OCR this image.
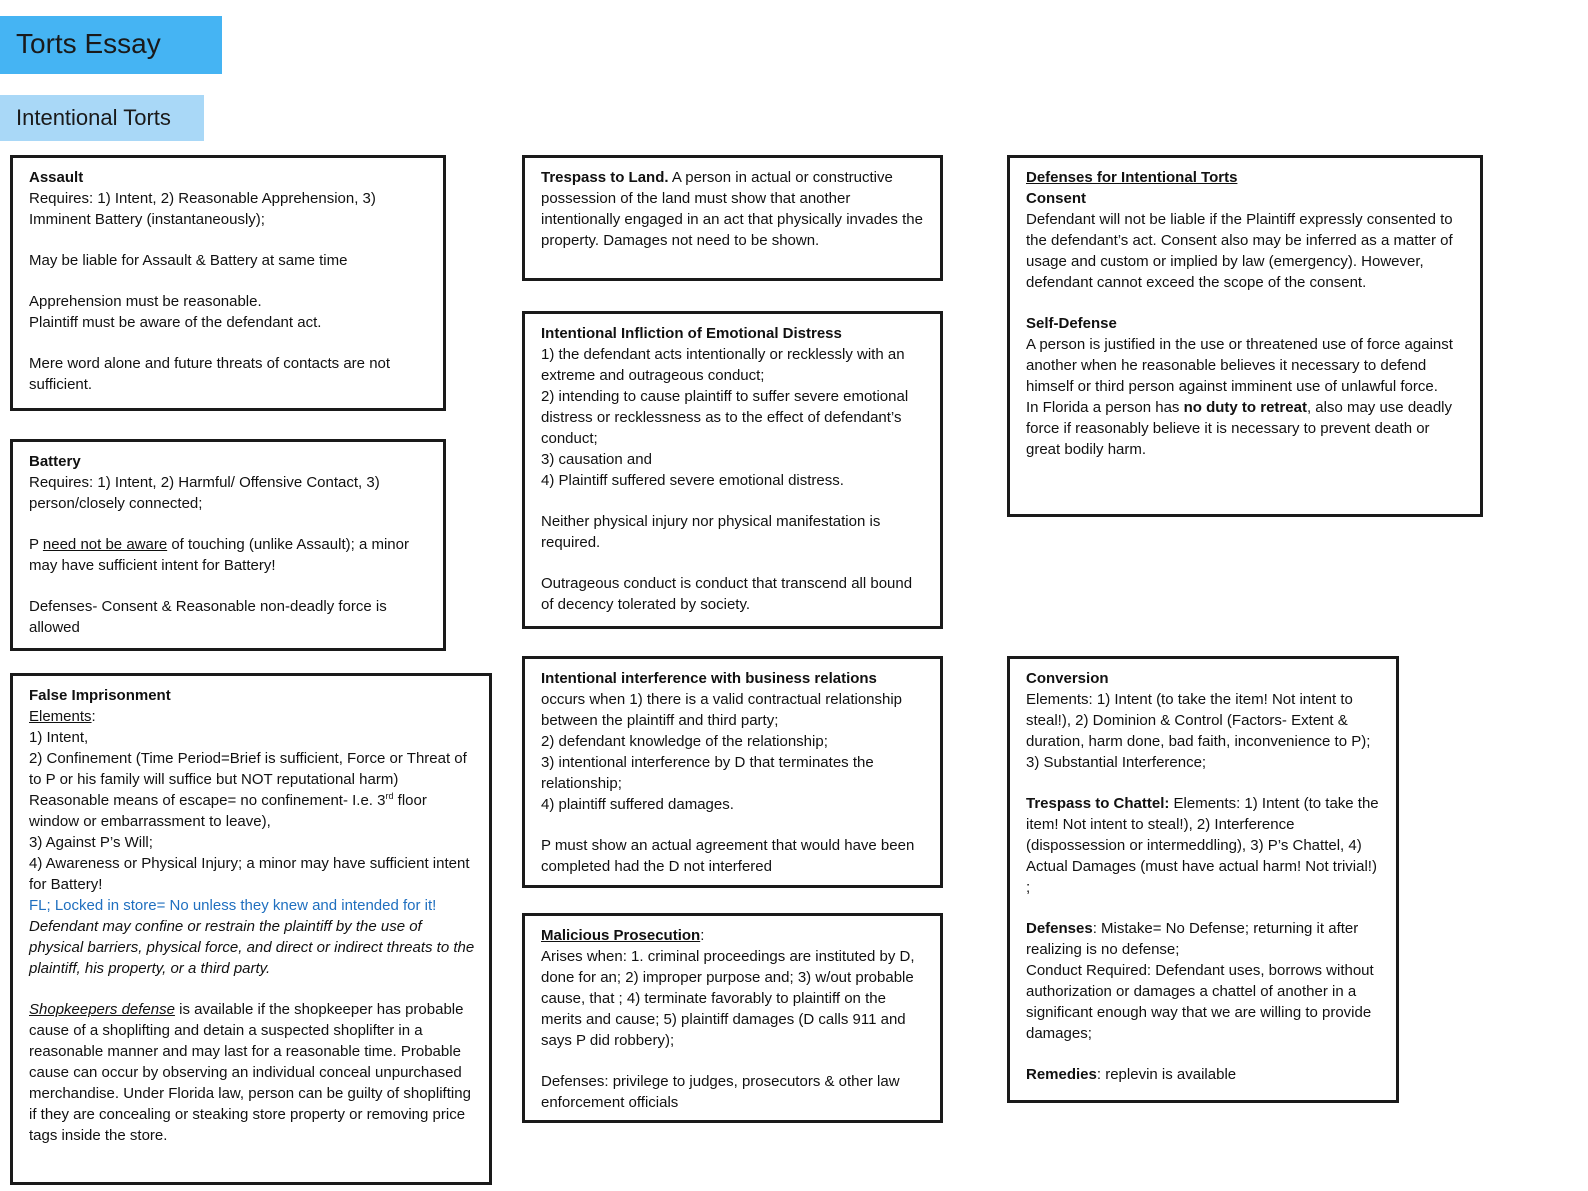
Torts Essay
Intentional Torts

Assault

Requires: 1) Intent, 2) Reasonable Apprehension, 3) Imminent Battery (instantaneously);

May be liable for Assault & Battery at same time

Apprehension must be reasonable.

Plaintiff must be aware of the defendant act.

Mere word alone and future threats of contacts are not sufficient.

Battery

Requires: 1) Intent, 2) Harmful/ Offensive Contact, 3) person/closely connected;

P need not be aware of touching (unlike Assault); a minor may have sufficient intent for Battery!

Defenses- Consent & Reasonable non-deadly force is allowed

False Imprisonment

Elements:

1) Intent,

2) Confinement (Time Period=Brief is sufficient, Force or Threat of to P or his family will suffice but NOT reputational harm) Reasonable means of escape= no confinement- I.e. 3rd floor window or embarrassment to leave),

3) Against P’s Will;

4) Awareness or Physical Injury; a minor may have sufficient intent for Battery!

FL; Locked in store= No unless they knew and intended for it!

Defendant may confine or restrain the plaintiff by the use of physical barriers, physical force, and direct or indirect threats to the plaintiff, his property, or a third party.

Shopkeepers defense is available if the shopkeeper has probable cause of a shoplifting and detain a suspected shoplifter in a reasonable manner and may last for a reasonable time. Probable cause can occur by observing an individual conceal unpurchased merchandise. Under Florida law, person can be guilty of shoplifting if they are concealing or steaking store property or removing price tags inside the store.

Trespass to Land. A person in actual or constructive possession of the land must show that another intentionally engaged in an act that physically invades the property. Damages not need to be shown.

Intentional Infliction of Emotional Distress

1) the defendant acts intentionally or recklessly with an extreme and outrageous conduct;

2) intending to cause plaintiff to suffer severe emotional distress or recklessness as to the effect of defendant’s conduct;

3) causation and

4) Plaintiff suffered severe emotional distress.

Neither physical injury nor physical manifestation is required.

Outrageous conduct is conduct that transcend all bound of decency tolerated by society.

Intentional interference with business relations

occurs when 1) there is a valid contractual relationship between the plaintiff and third party;

2) defendant knowledge of the relationship;

3) intentional interference by D that terminates the relationship;

4) plaintiff suffered damages.

P must show an actual agreement that would have been completed had the D not interfered

Malicious Prosecution:

Arises when: 1. criminal proceedings are instituted by D, done for an; 2) improper purpose and; 3) w/out probable cause, that ; 4) terminate favorably to plaintiff on the merits and cause; 5) plaintiff damages (D calls 911 and says P did robbery);

Defenses: privilege to judges, prosecutors & other law enforcement officials

Defenses for Intentional Torts

Consent

Defendant will not be liable if the Plaintiff expressly consented to the defendant’s act. Consent also may be inferred as a matter of usage and custom or implied by law (emergency). However, defendant cannot exceed the scope of the consent.

Self-Defense

A person is justified in the use or threatened use of force against another when he reasonable believes it necessary to defend himself or third person against imminent use of unlawful force.

In Florida a person has no duty to retreat, also may use deadly force if reasonably believe it is necessary to prevent death or great bodily harm.

Conversion

Elements: 1) Intent (to take the item! Not intent to steal!), 2) Dominion & Control (Factors- Extent & duration, harm done, bad faith, inconvenience to P); 3) Substantial Interference;

Trespass to Chattel: Elements: 1) Intent (to take the item! Not intent to steal!), 2) Interference (dispossession or intermeddling), 3) P’s Chattel, 4) Actual Damages (must have actual harm! Not trivial!) ;

Defenses: Mistake= No Defense; returning it after realizing is no defense;

Conduct Required: Defendant uses, borrows without authorization or damages a chattel of another in a significant enough way that we are willing to provide damages;

Remedies: replevin is available
